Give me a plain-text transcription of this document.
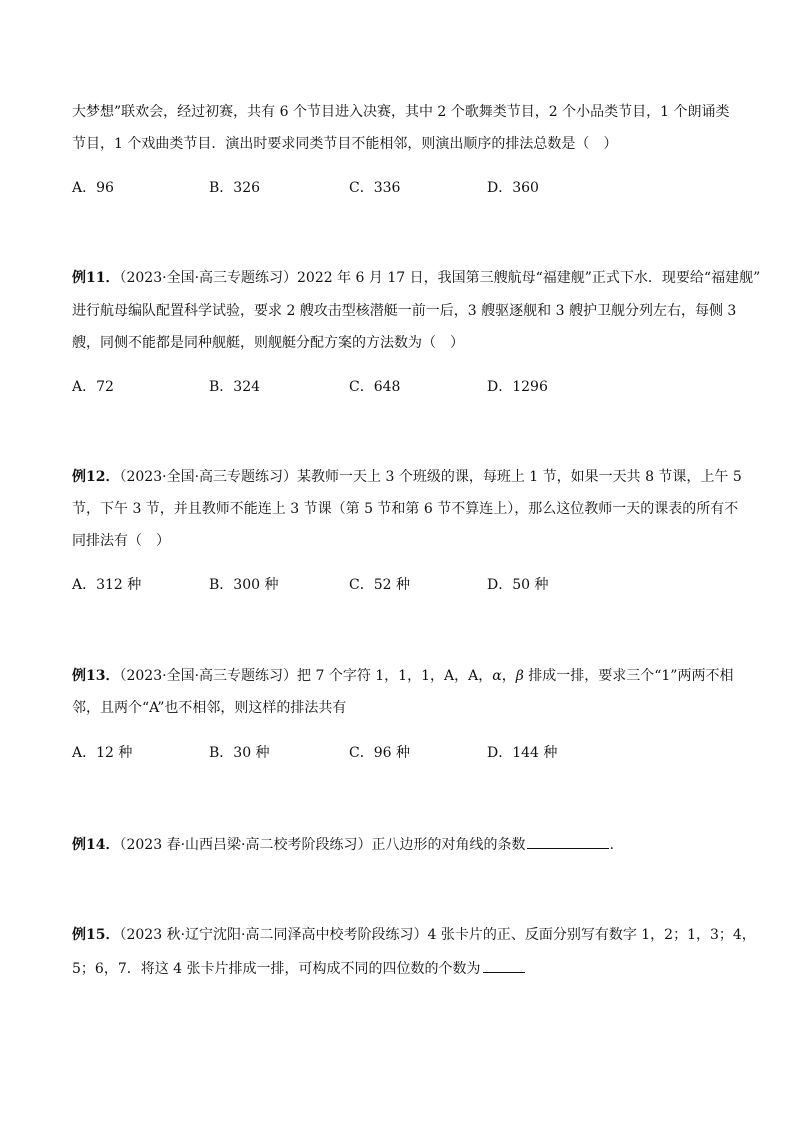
大梦想”联欢会，经过初赛，共有 6 个节目进入决赛，其中 2 个歌舞类节目，2 个小品类节目，1 个朗诵类
节目，1 个戏曲类节目．演出时要求同类节目不能相邻，则演出顺序的排法总数是（　）
A．96	B．326	C．336	D．360
例11．（2023·全国·高三专题练习）2022 年 6 月 17 日，我国第三艘航母“福建舰”正式下水．现要给“福建舰”
进行航母编队配置科学试验，要求 2 艘攻击型核潜艇一前一后，3 艘驱逐舰和 3 艘护卫舰分列左右，每侧 3
艘，同侧不能都是同种舰艇，则舰艇分配方案的方法数为（　）
A．72	B．324	C．648	D．1296
例12．（2023·全国·高三专题练习）某教师一天上 3 个班级的课，每班上 1 节，如果一天共 8 节课，上午 5
节，下午 3 节，并且教师不能连上 3 节课（第 5 节和第 6 节不算连上），那么这位教师一天的课表的所有不
同排法有（　）
A．312 种	B．300 种	C．52 种	D．50 种
例13．（2023·全国·高三专题练习）把 7 个字符 1，1，1，A，A，α，β 排成一排，要求三个“1”两两不相
邻，且两个“A”也不相邻，则这样的排法共有
A．12 种	B．30 种	C．96 种	D．144 种
例14．（2023 春·山西吕梁·高二校考阶段练习）正八边形的对角线的条数	.
例15．（2023 秋·辽宁沈阳·高二同泽高中校考阶段练习）4 张卡片的正、反面分别写有数字 1，2；1，3；4，
5；6，7．将这 4 张卡片排成一排，可构成不同的四位数的个数为
